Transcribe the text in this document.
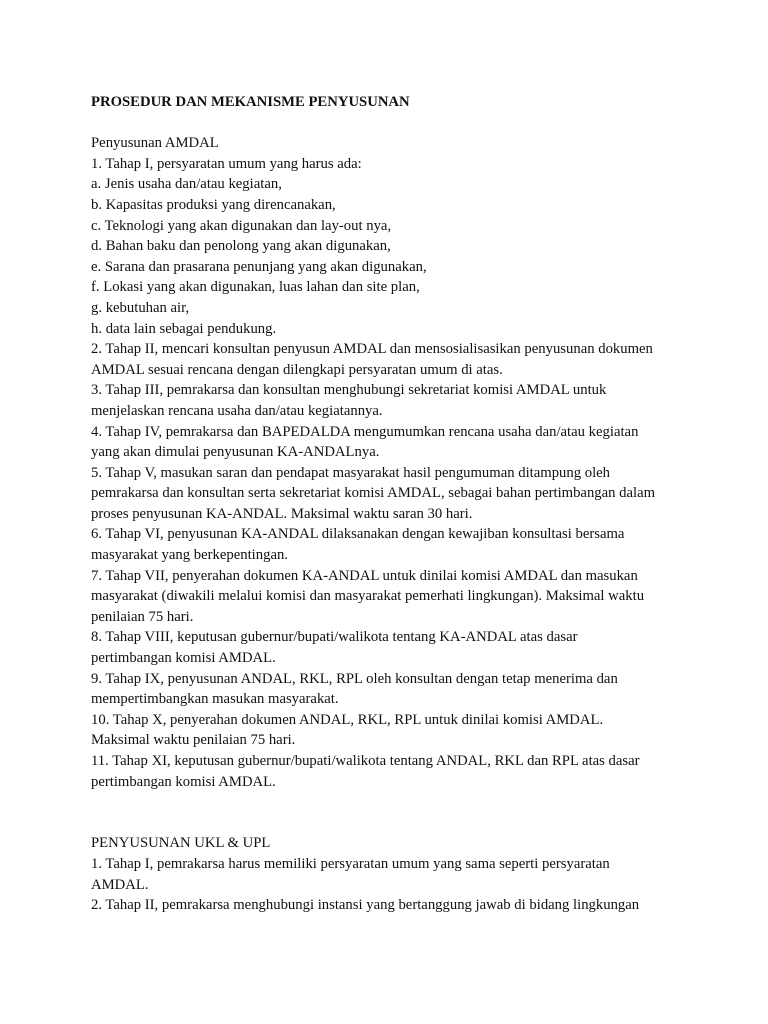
PROSEDUR DAN MEKANISME PENYUSUNAN

Penyusunan AMDAL

1. Tahap I, persyaratan umum yang harus ada:

a. Jenis usaha dan/atau kegiatan,

b. Kapasitas produksi yang direncanakan,

c. Teknologi yang akan digunakan dan lay-out nya,

d. Bahan baku dan penolong yang akan digunakan,

e. Sarana dan prasarana penunjang yang akan digunakan,

f. Lokasi yang akan digunakan, luas lahan dan site plan,

g. kebutuhan air,

h. data lain sebagai pendukung.

2. Tahap II, mencari konsultan penyusun AMDAL dan mensosialisasikan penyusunan dokumen

AMDAL sesuai rencana dengan dilengkapi persyaratan umum di atas.

3. Tahap III, pemrakarsa dan konsultan menghubungi sekretariat komisi AMDAL untuk

menjelaskan rencana usaha dan/atau kegiatannya.

4. Tahap IV, pemrakarsa dan BAPEDALDA mengumumkan rencana usaha dan/atau kegiatan

yang akan dimulai penyusunan KA-ANDALnya.

5. Tahap V, masukan saran dan pendapat masyarakat hasil pengumuman ditampung oleh

pemrakarsa dan konsultan serta sekretariat komisi AMDAL, sebagai bahan pertimbangan dalam

proses penyusunan KA-ANDAL. Maksimal waktu saran 30 hari.

6. Tahap VI, penyusunan KA-ANDAL dilaksanakan dengan kewajiban konsultasi bersama

masyarakat yang berkepentingan.

7. Tahap VII, penyerahan dokumen KA-ANDAL untuk dinilai komisi AMDAL dan masukan

masyarakat (diwakili melalui komisi dan masyarakat pemerhati lingkungan). Maksimal waktu

penilaian 75 hari.

8. Tahap VIII, keputusan gubernur/bupati/walikota tentang KA-ANDAL atas dasar

pertimbangan komisi AMDAL.

9. Tahap IX, penyusunan ANDAL, RKL, RPL oleh konsultan dengan tetap menerima dan

mempertimbangkan masukan masyarakat.

10. Tahap X, penyerahan dokumen ANDAL, RKL, RPL untuk dinilai komisi AMDAL.

Maksimal waktu penilaian 75 hari.

11. Tahap XI, keputusan gubernur/bupati/walikota tentang ANDAL, RKL dan RPL atas dasar

pertimbangan komisi AMDAL.

PENYUSUNAN UKL & UPL

1. Tahap I, pemrakarsa harus memiliki persyaratan umum yang sama seperti persyaratan

AMDAL.

2. Tahap II, pemrakarsa menghubungi instansi yang bertanggung jawab di bidang lingkungan
